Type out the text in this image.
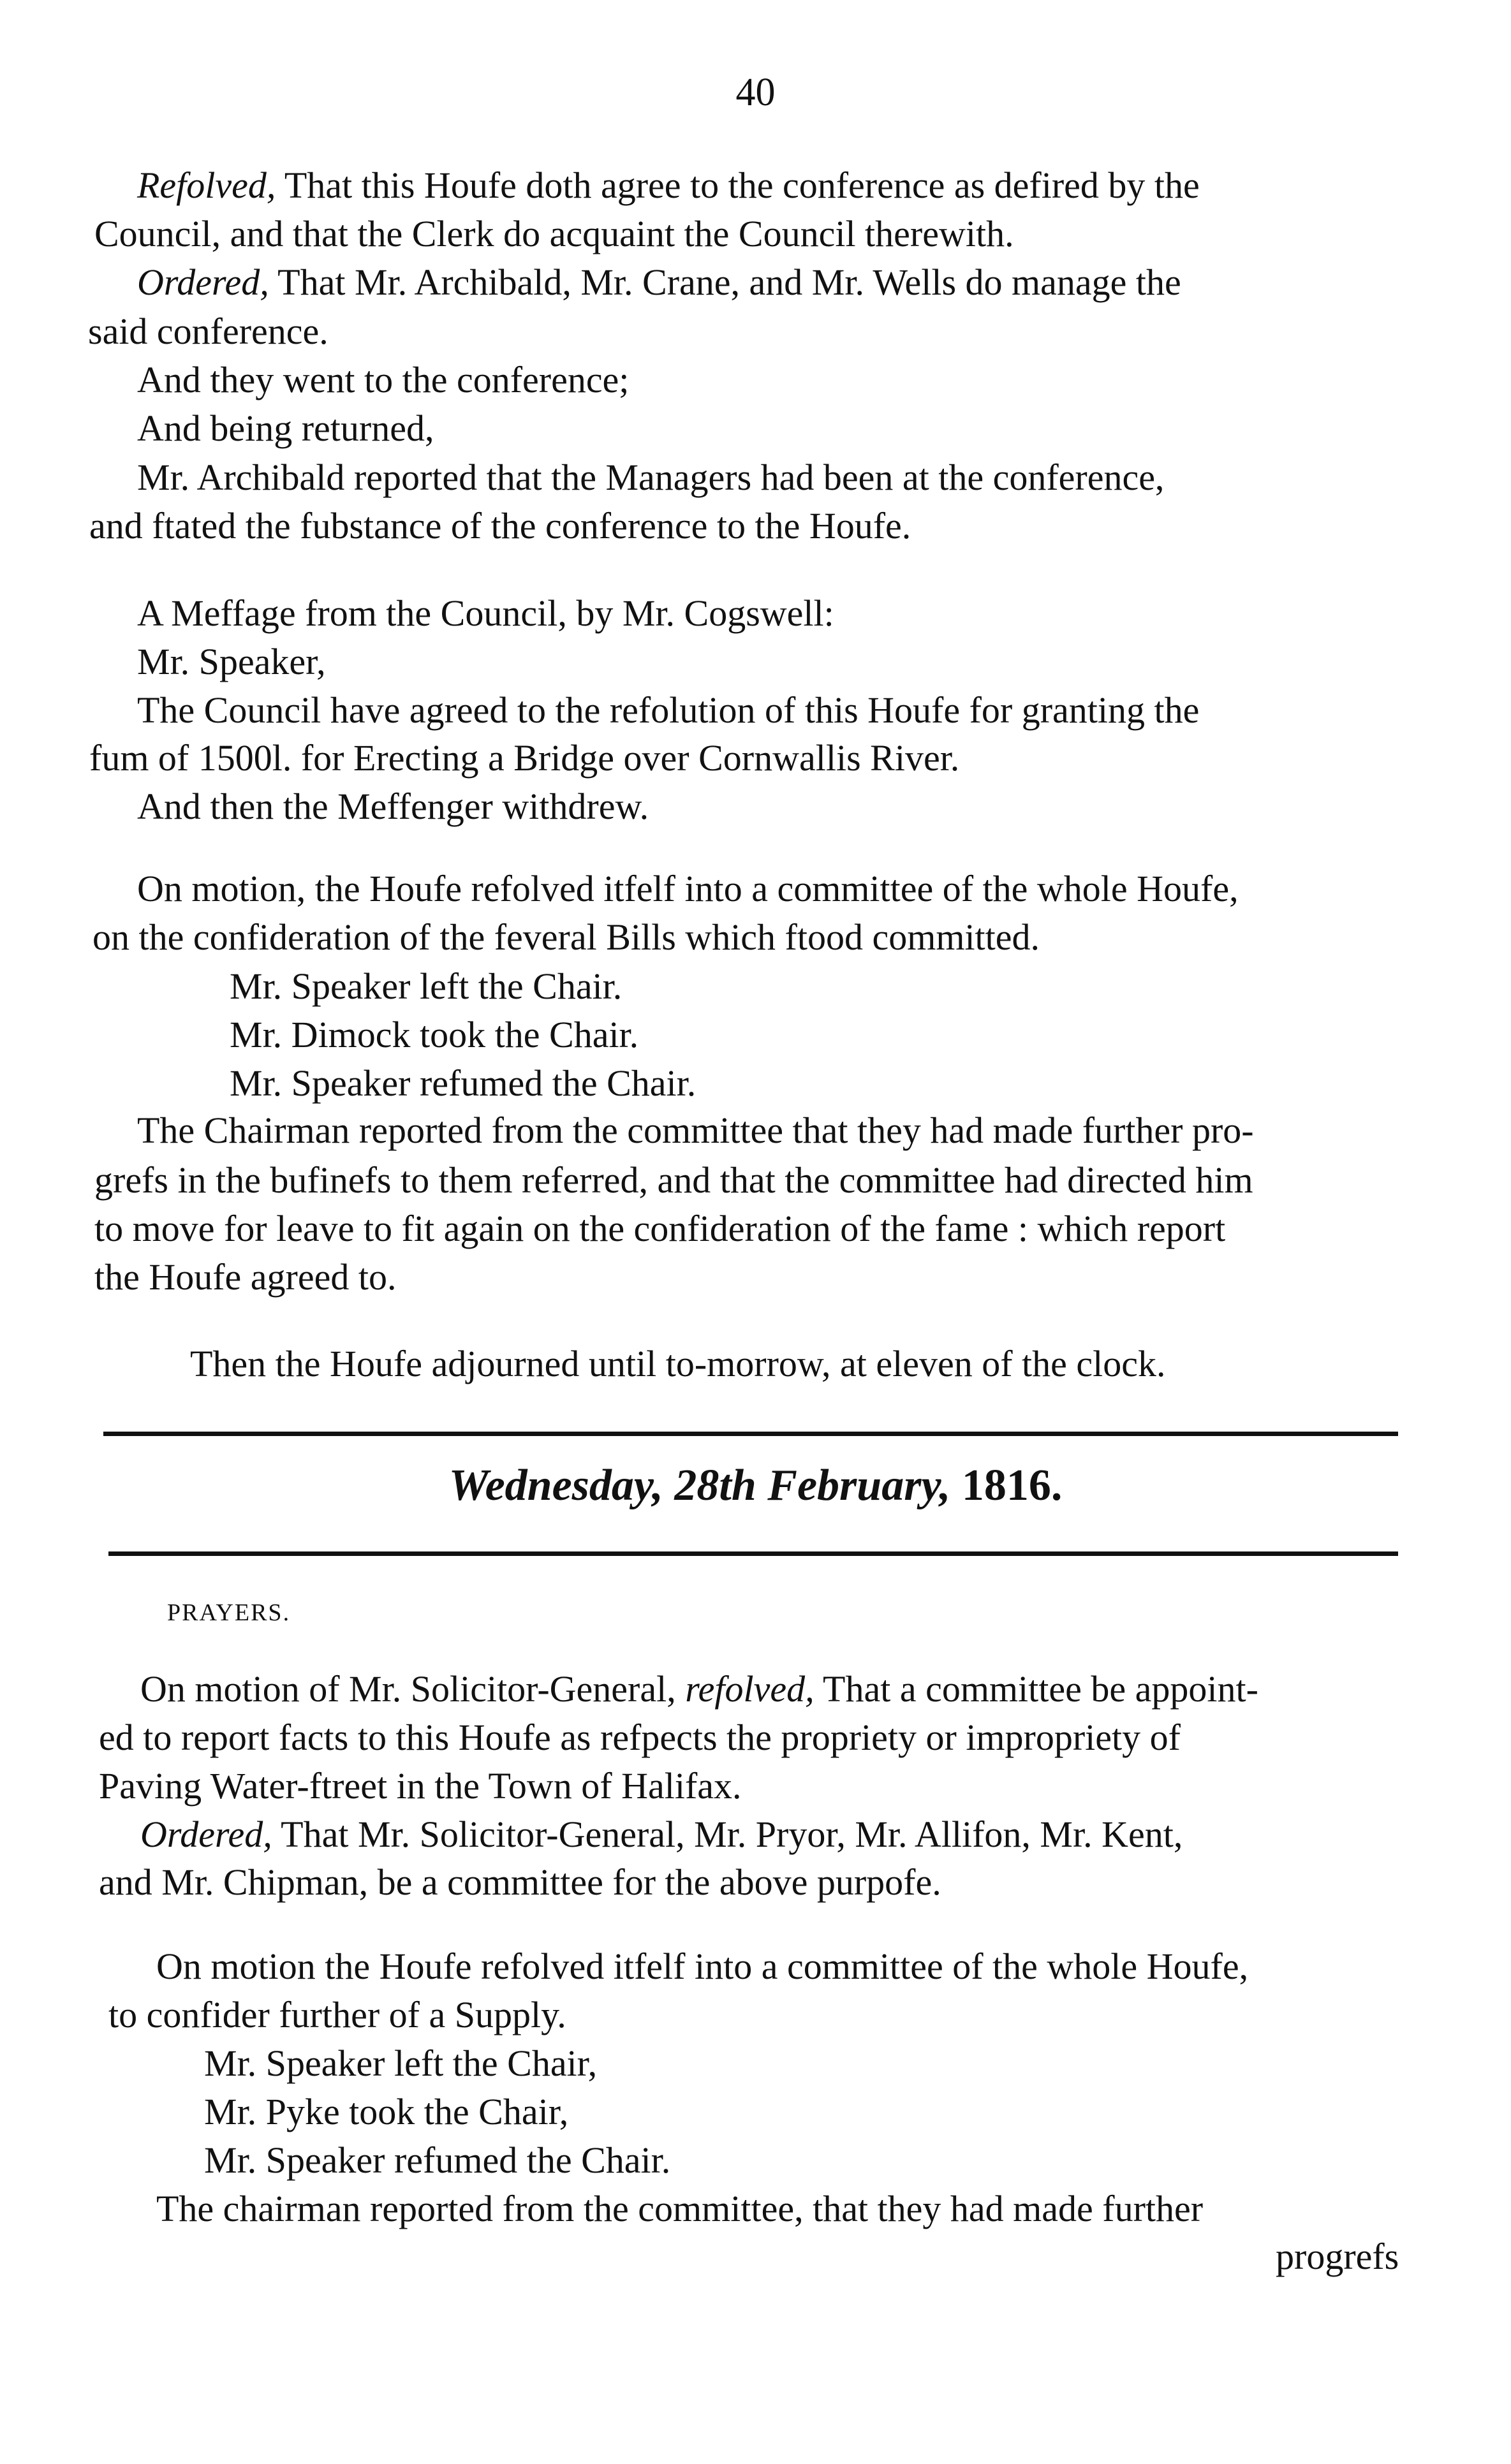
40

Refolved, That this Houfe doth agree to the conference as defired by the
Council, and that the Clerk do acquaint the Council therewith.
Ordered, That Mr. Archibald, Mr. Crane, and Mr. Wells do manage the
said conference.
And they went to the conference;
And being returned,
Mr. Archibald reported that the Managers had been at the conference,
and ftated the fubstance of the conference to the Houfe.
A Meffage from the Council, by Mr. Cogswell:
Mr. Speaker,
The Council have agreed to the refolution of this Houfe for granting the
fum of 1500l. for Erecting a Bridge over Cornwallis River.
And then the Meffenger withdrew.
On motion, the Houfe refolved itfelf into a committee of the whole Houfe,
on the confideration of the feveral Bills which ftood committed.
Mr. Speaker left the Chair.
Mr. Dimock took the Chair.
Mr. Speaker refumed the Chair.
The Chairman reported from the committee that they had made further pro-
grefs in the bufinefs to them referred, and that the committee had directed him
to move for leave to fit again on the confideration of the fame : which report
the Houfe agreed to.
Then the Houfe adjourned until to-morrow, at eleven of the clock.

Wednesday, 28th February, 1816.

PRAYERS.

On motion of Mr. Solicitor-General, refolved, That a committee be appoint-
ed to report facts to this Houfe as refpects the propriety or impropriety of
Paving Water-ftreet in the Town of Halifax.
Ordered, That Mr. Solicitor-General, Mr. Pryor, Mr. Allifon, Mr. Kent,
and Mr. Chipman, be a committee for the above purpofe.
On motion the Houfe refolved itfelf into a committee of the whole Houfe,
to confider further of a Supply.
Mr. Speaker left the Chair,
Mr. Pyke took the Chair,
Mr. Speaker refumed the Chair.
The chairman reported from the committee, that they had made further
progrefs
